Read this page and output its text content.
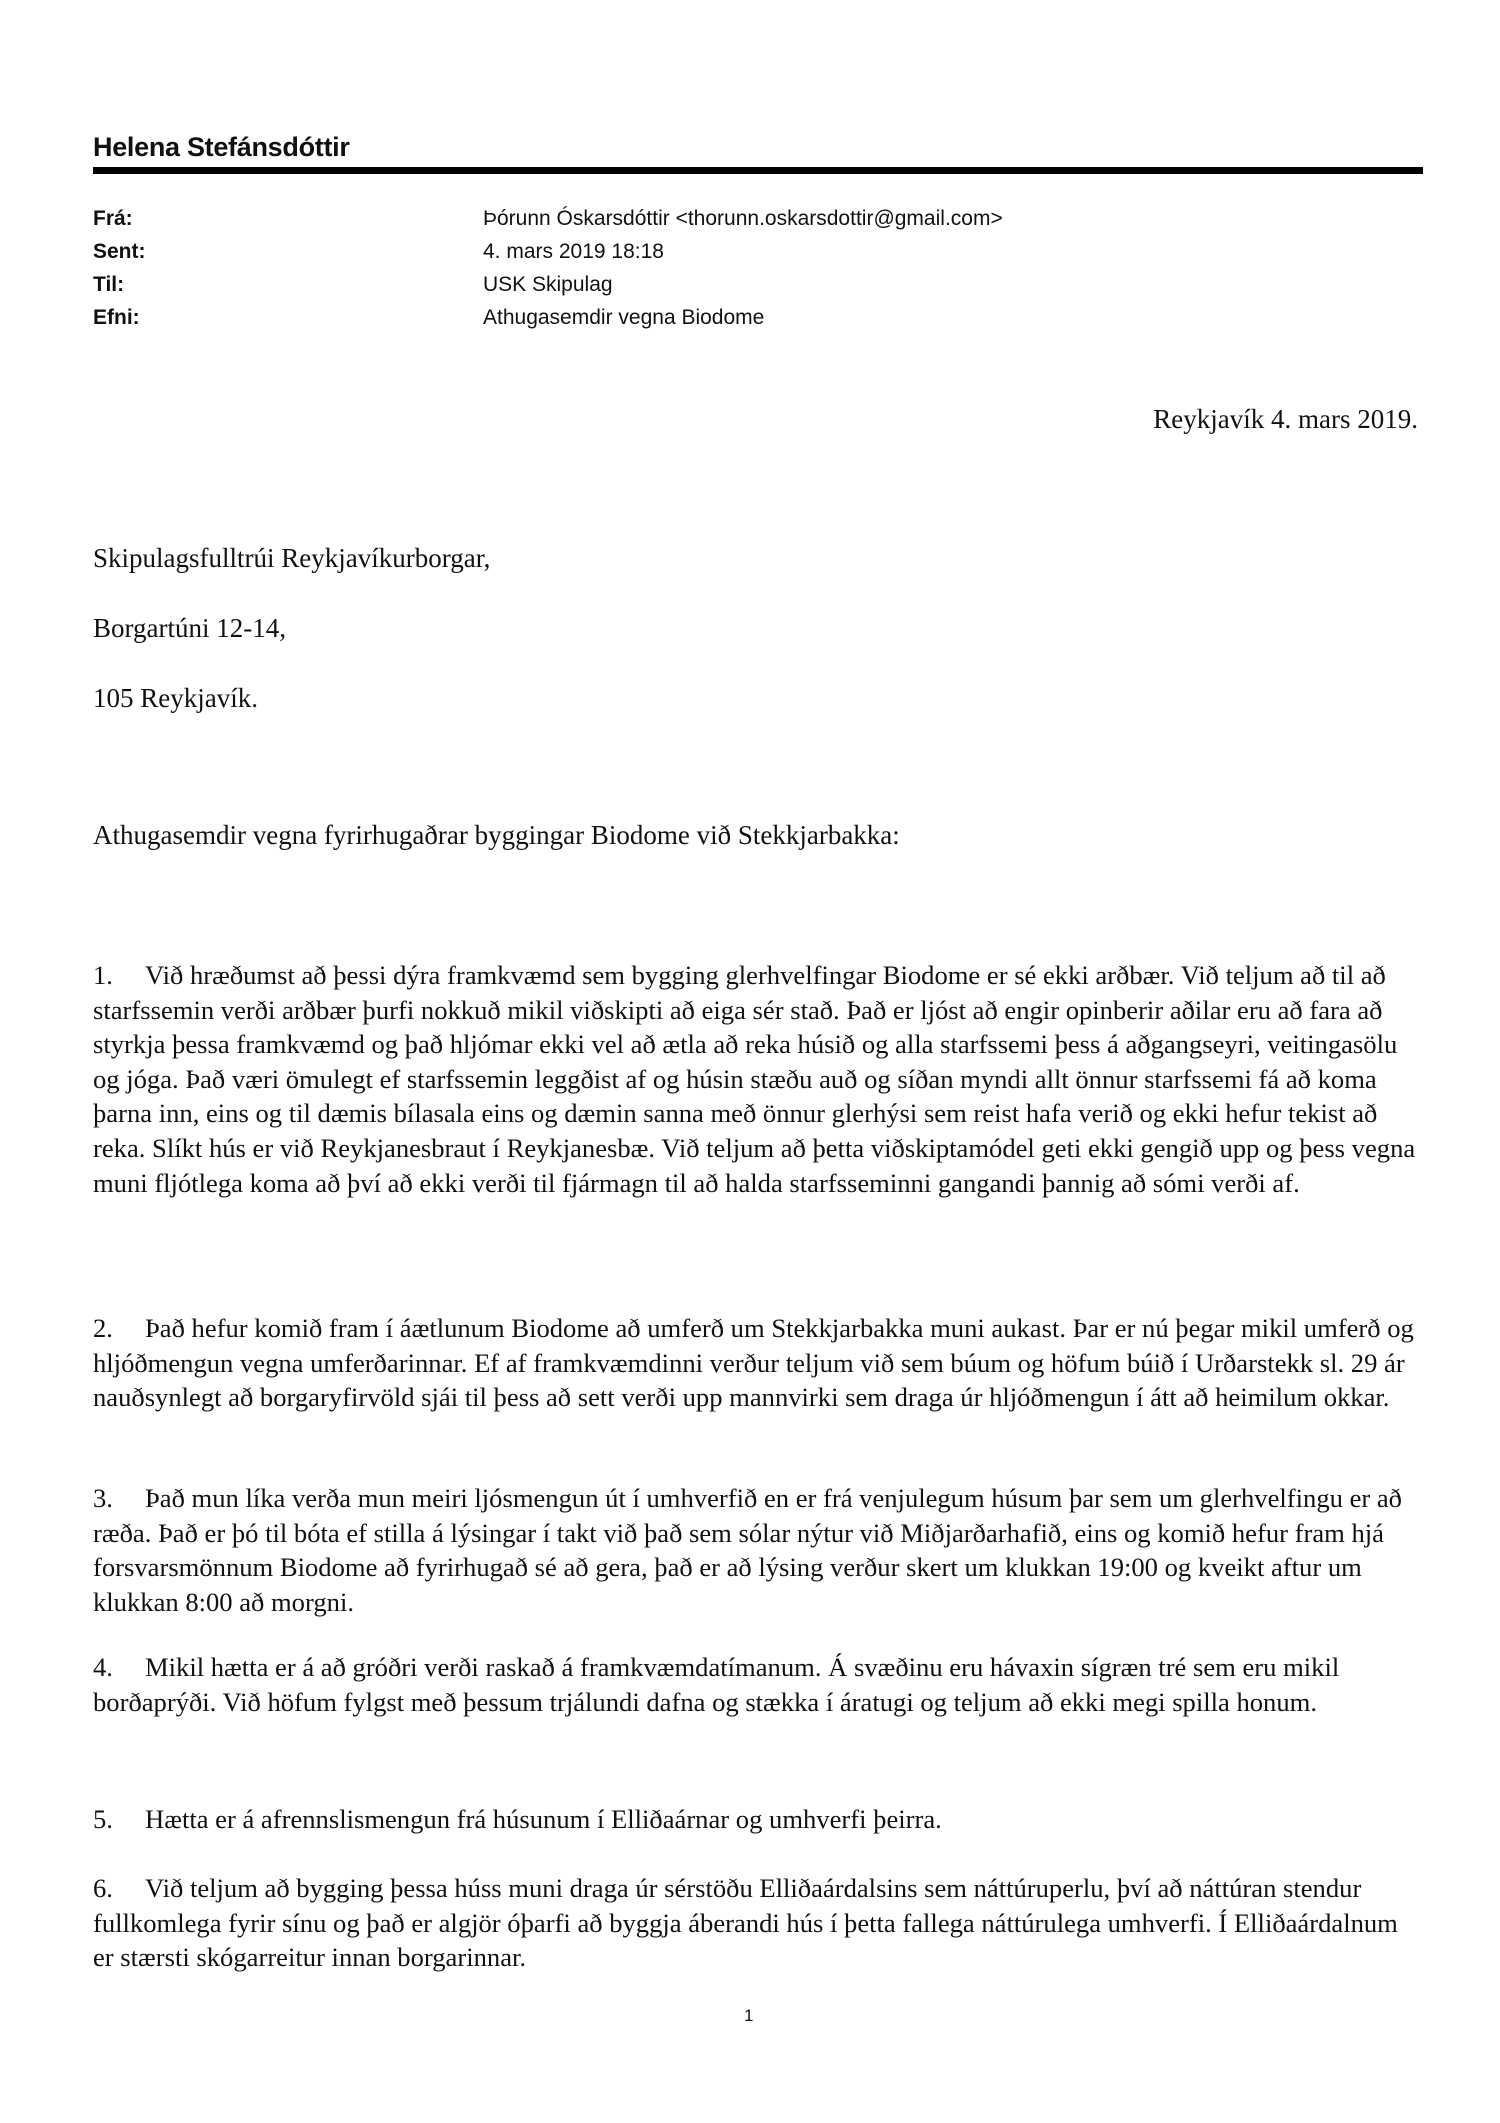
Helena Stefánsdóttir
Frá:	Þórunn Óskarsdóttir <thorunn.oskarsdottir@gmail.com>
Sent:	4. mars 2019 18:18
Til:	USK Skipulag
Efni:	Athugasemdir vegna Biodome
Reykjavík 4. mars 2019.
Skipulagsfulltrúi Reykjavíkurborgar,
Borgartúni 12-14,
105 Reykjavík.
Athugasemdir vegna fyrirhugaðrar byggingar Biodome við Stekkjarbakka:
1. Við hræðumst að þessi dýra framkvæmd sem bygging glerhvelfingar Biodome er sé ekki arðbær. Við teljum að til að starfssemin verði arðbær þurfi nokkuð mikil viðskipti að eiga sér stað. Það er ljóst að engir opinberir aðilar eru að fara að styrkja þessa framkvæmd og það hljómar ekki vel að ætla að reka húsið og alla starfssemi þess á aðgangseyri, veitingasölu og jóga. Það væri ömulegt ef starfssemin leggðist af og húsin stæðu auð og síðan myndi allt önnur starfssemi fá að koma þarna inn, eins og til dæmis bílasala eins og dæmin sanna með önnur glerhýsi sem reist hafa verið og ekki hefur tekist að reka. Slíkt hús er við Reykjanesbraut í Reykjanesbæ. Við teljum að þetta viðskiptamódel geti ekki gengið upp og þess vegna muni fljótlega koma að því að ekki verði til fjármagn til að halda starfsseminni gangandi þannig að sómi verði af.
2. Það hefur komið fram í áætlunum Biodome að umferð um Stekkjarbakka muni aukast. Þar er nú þegar mikil umferð og hljóðmengun vegna umferðarinnar. Ef af framkvæmdinni verður teljum við sem búum og höfum búið í Urðarstekk sl. 29 ár nauðsynlegt að borgaryfirvöld sjái til þess að sett verði upp mannvirki sem draga úr hljóðmengun í átt að heimilum okkar.
3. Það mun líka verða mun meiri ljósmengun út í umhverfið en er frá venjulegum húsum þar sem um glerhvelfingu er að ræða. Það er þó til bóta ef stilla á lýsingar í takt við það sem sólar nýtur við Miðjarðarhafið, eins og komið hefur fram hjá forsvarsmönnum Biodome að fyrirhugað sé að gera, það er að lýsing verður skert um klukkan 19:00 og kveikt aftur um klukkan 8:00 að morgni.
4. Mikil hætta er á að gróðri verði raskað á framkvæmdatímanum. Á svæðinu eru hávaxin sígræn tré sem eru mikil borðaprýði. Við höfum fylgst með þessum trjálundi dafna og stækka í áratugi og teljum að ekki megi spilla honum.
5. Hætta er á afrennslismengun frá húsunum í Elliðaárnar og umhverfi þeirra.
6. Við teljum að bygging þessa húss muni draga úr sérstöðu Elliðaárdalsins sem náttúruperlu, því að náttúran stendur fullkomlega fyrir sínu og það er algjör óþarfi að byggja áberandi hús í þetta fallega náttúrulega umhverfi. Í Elliðaárdalnum er stærsti skógarreitur innan borgarinnar.
1
